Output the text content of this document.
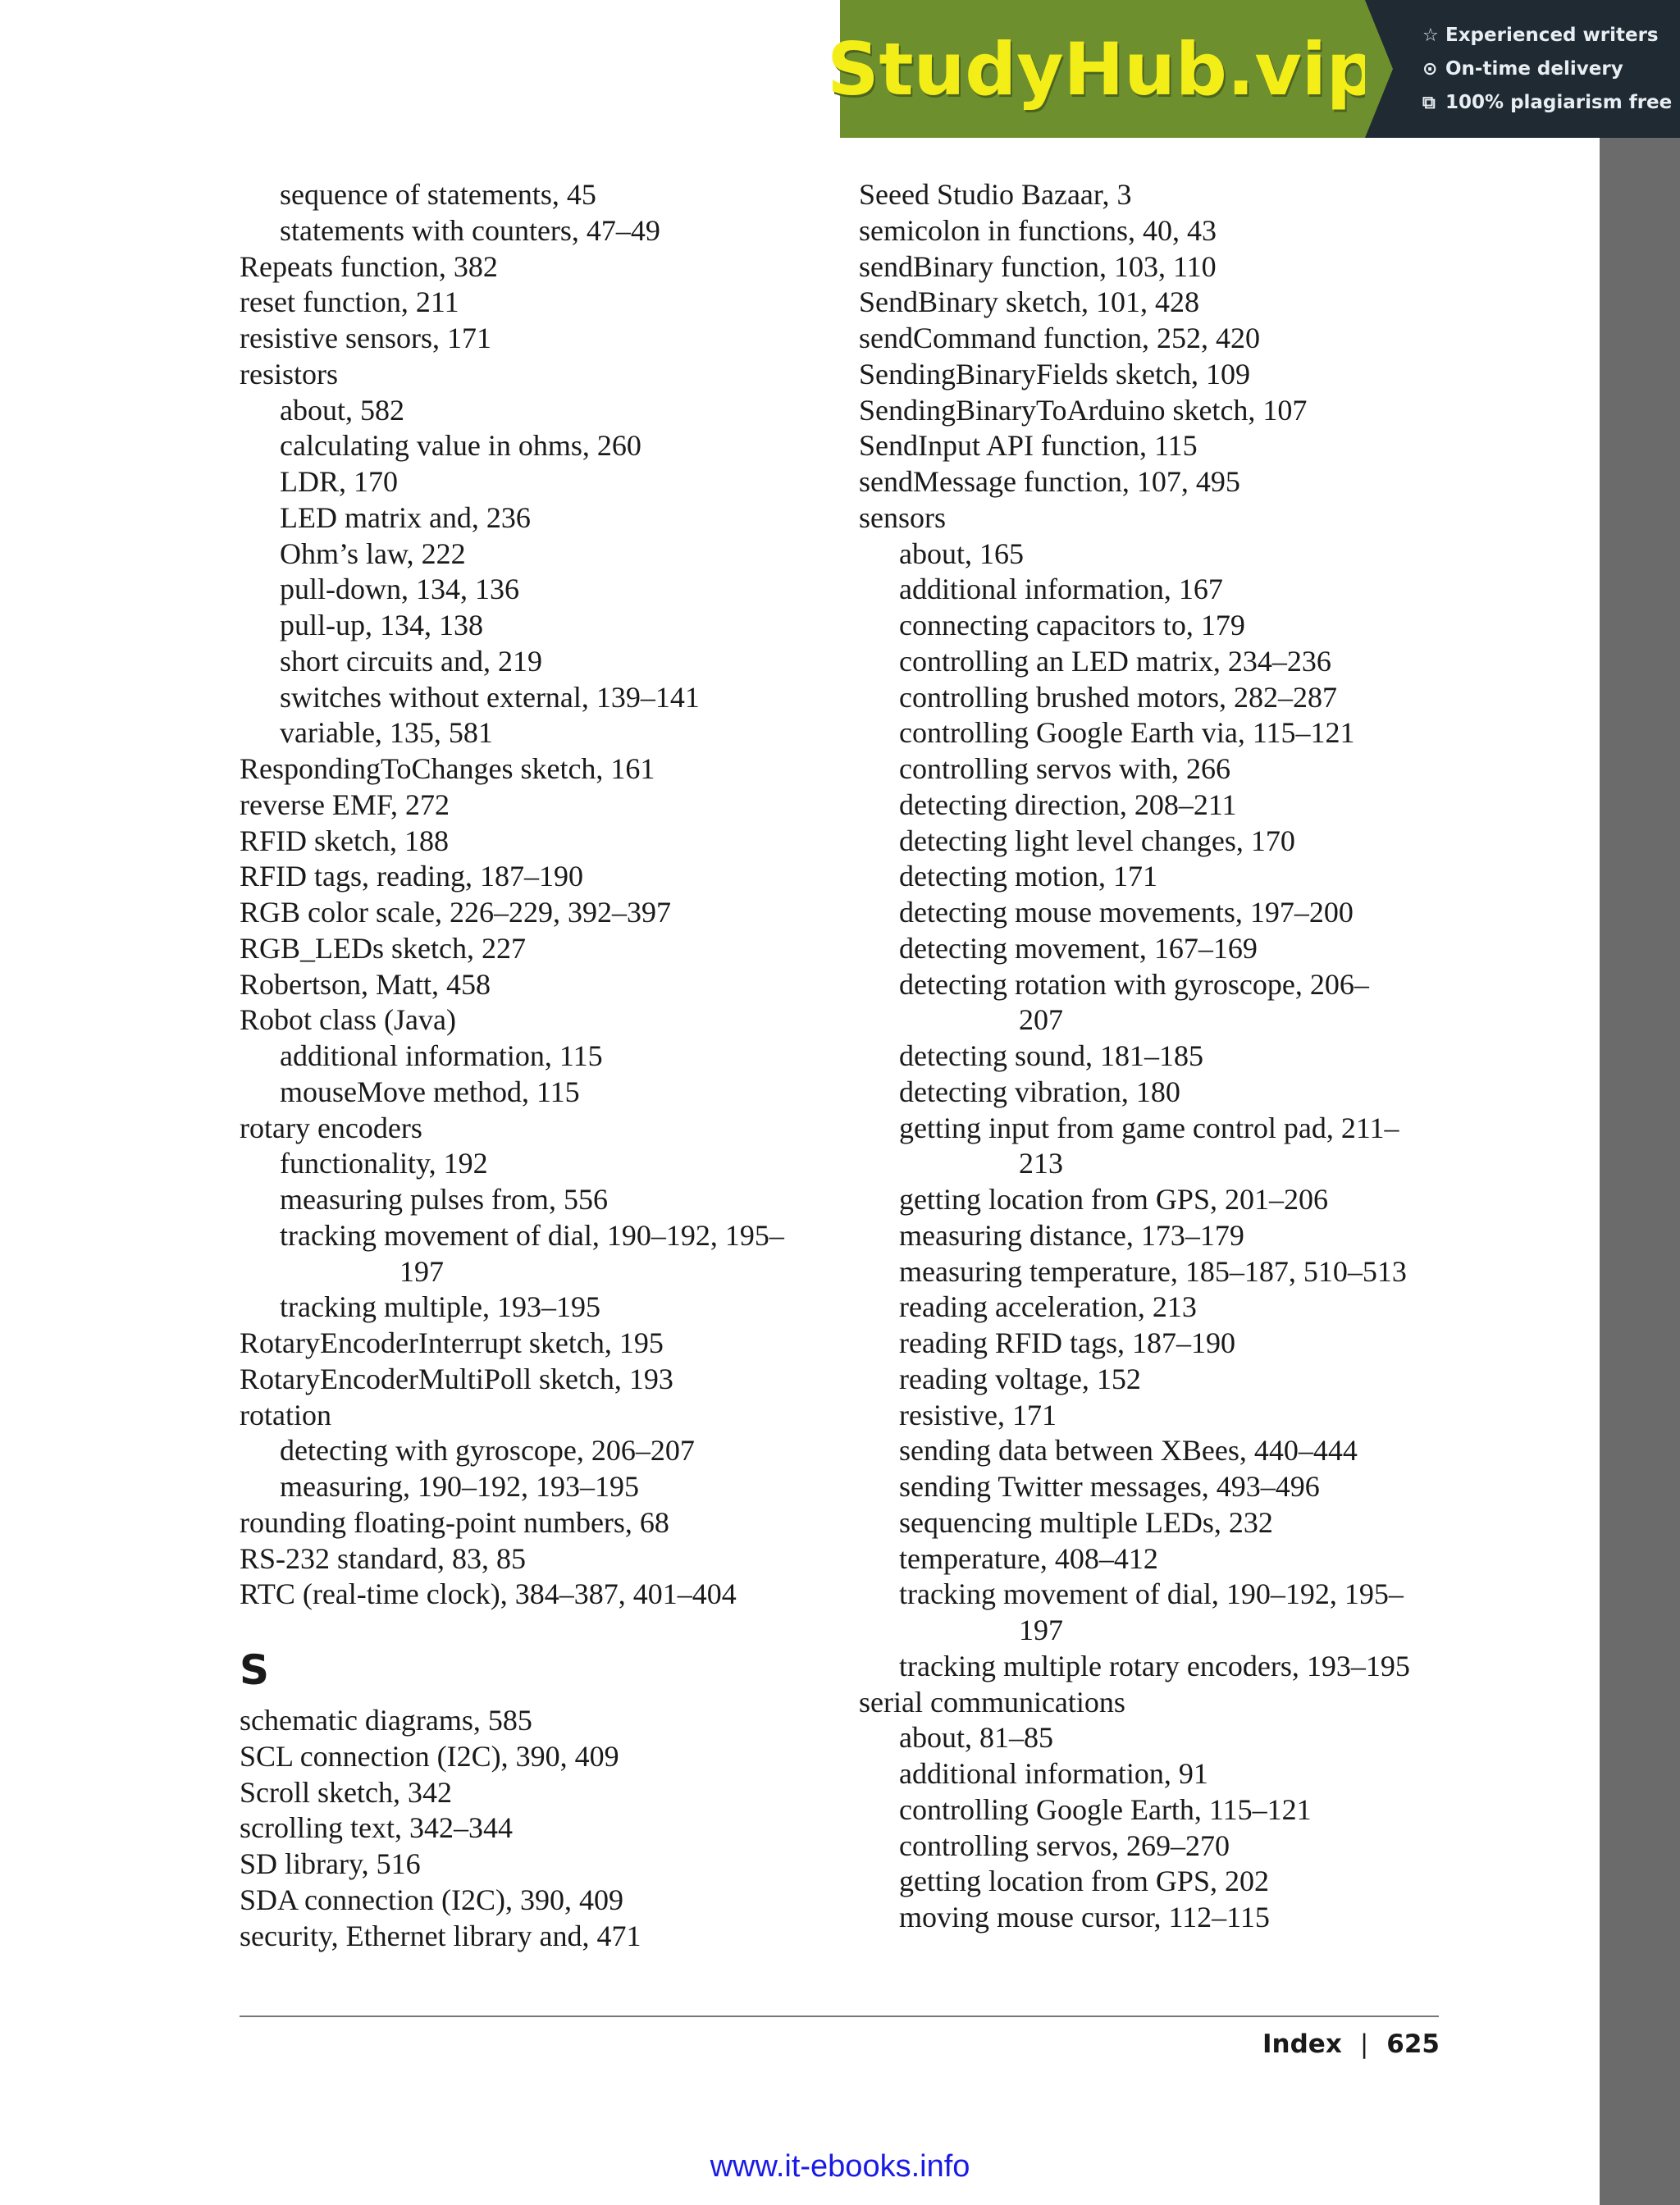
StudyHub.vip ☆ Experienced writers
⊙ On-time delivery
⧉ 100% plagiarism free
sequence of statements, 45
statements with counters, 47–49
Repeats function, 382
reset function, 211
resistive sensors, 171
resistors
about, 582
calculating value in ohms, 260
LDR, 170
LED matrix and, 236
Ohm’s law, 222
pull-down, 134, 136
pull-up, 134, 138
short circuits and, 219
switches without external, 139–141
variable, 135, 581
RespondingToChanges sketch, 161
reverse EMF, 272
RFID sketch, 188
RFID tags, reading, 187–190
RGB color scale, 226–229, 392–397
RGB_LEDs sketch, 227
Robertson, Matt, 458
Robot class (Java)
additional information, 115
mouseMove method, 115
rotary encoders
functionality, 192
measuring pulses from, 556
tracking movement of dial, 190–192, 195–
197
tracking multiple, 193–195
RotaryEncoderInterrupt sketch, 195
RotaryEncoderMultiPoll sketch, 193
rotation
detecting with gyroscope, 206–207
measuring, 190–192, 193–195
rounding floating-point numbers, 68
RS-232 standard, 83, 85
RTC (real-time clock), 384–387, 401–404
S
schematic diagrams, 585
SCL connection (I2C), 390, 409
Scroll sketch, 342
scrolling text, 342–344
SD library, 516
SDA connection (I2C), 390, 409
security, Ethernet library and, 471
Seeed Studio Bazaar, 3
semicolon in functions, 40, 43
sendBinary function, 103, 110
SendBinary sketch, 101, 428
sendCommand function, 252, 420
SendingBinaryFields sketch, 109
SendingBinaryToArduino sketch, 107
SendInput API function, 115
sendMessage function, 107, 495
sensors
about, 165
additional information, 167
connecting capacitors to, 179
controlling an LED matrix, 234–236
controlling brushed motors, 282–287
controlling Google Earth via, 115–121
controlling servos with, 266
detecting direction, 208–211
detecting light level changes, 170
detecting motion, 171
detecting mouse movements, 197–200
detecting movement, 167–169
detecting rotation with gyroscope, 206–
207
detecting sound, 181–185
detecting vibration, 180
getting input from game control pad, 211–
213
getting location from GPS, 201–206
measuring distance, 173–179
measuring temperature, 185–187, 510–513
reading acceleration, 213
reading RFID tags, 187–190
reading voltage, 152
resistive, 171
sending data between XBees, 440–444
sending Twitter messages, 493–496
sequencing multiple LEDs, 232
temperature, 408–412
tracking movement of dial, 190–192, 195–
197
tracking multiple rotary encoders, 193–195
serial communications
about, 81–85
additional information, 91
controlling Google Earth, 115–121
controlling servos, 269–270
getting location from GPS, 202
moving mouse cursor, 112–115
Index | 625
www.it-ebooks.info
